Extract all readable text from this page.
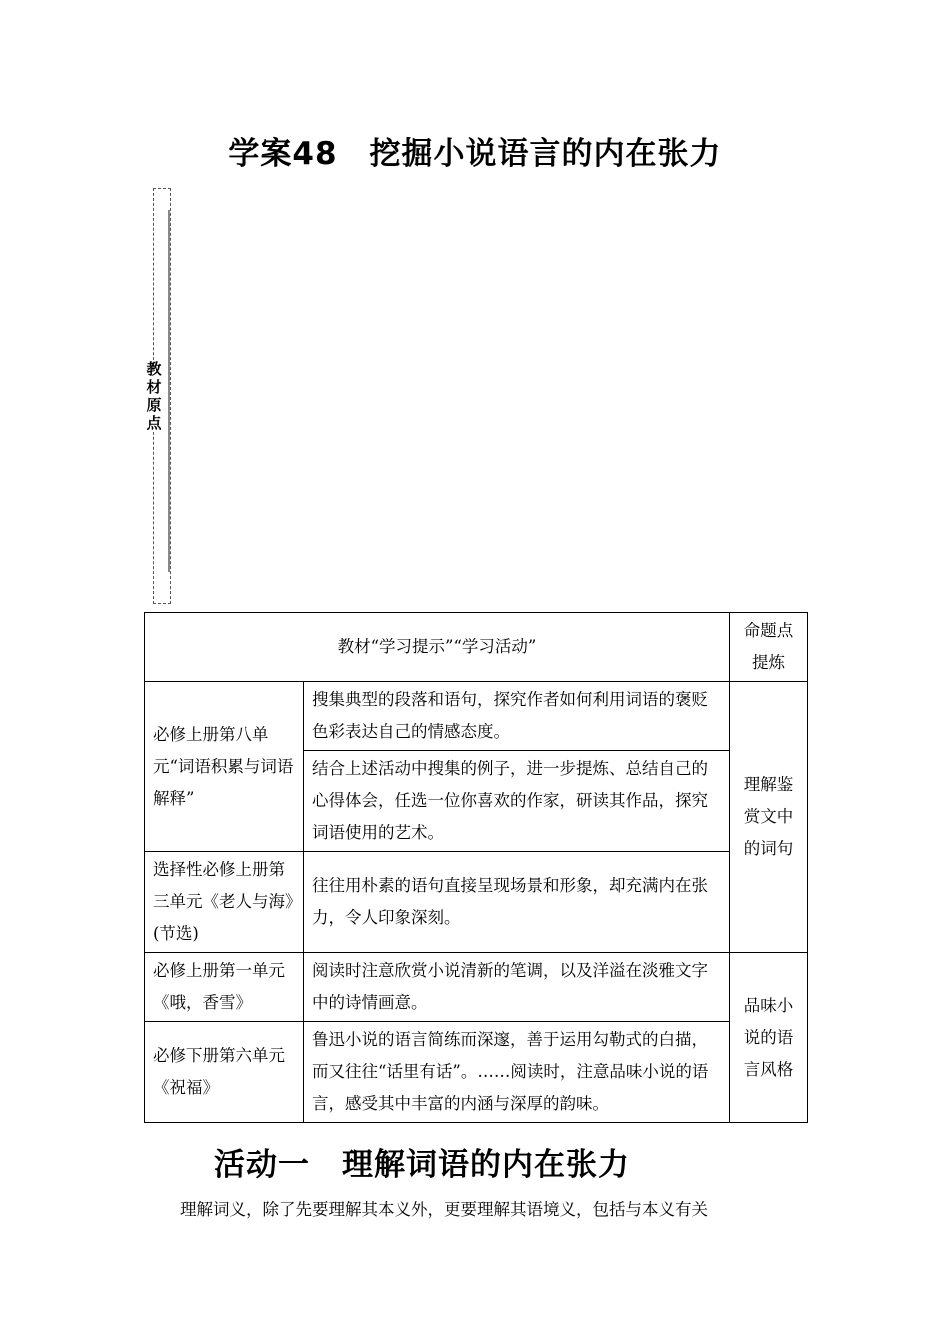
学案48　挖掘小说语言的内在张力
教材原点
教材“学习提示”“学习活动”		命题点提炼
必修上册第八单元“词语积累与词语解释”	搜集典型的段落和语句，探究作者如何利用词语的褒贬色彩表达自己的情感态度。	理解鉴赏文中的词句
	结合上述活动中搜集的例子，进一步提炼、总结自己的心得体会，任选一位你喜欢的作家，研读其作品，探究词语使用的艺术。	
选择性必修上册第三单元《老人与海》(节选)	往往用朴素的语句直接呈现场景和形象，却充满内在张力，令人印象深刻。	
必修上册第一单元《哦，香雪》	阅读时注意欣赏小说清新的笔调，以及洋溢在淡雅文字中的诗情画意。	品味小说的语言风格
必修下册第六单元《祝福》	鲁迅小说的语言简练而深邃，善于运用勾勒式的白描，而又往往“话里有话”。……阅读时，注意品味小说的语言，感受其中丰富的内涵与深厚的韵味。	
活动一　理解词语的内在张力
理解词义，除了先要理解其本义外，更要理解其语境义，包括与本义有关
